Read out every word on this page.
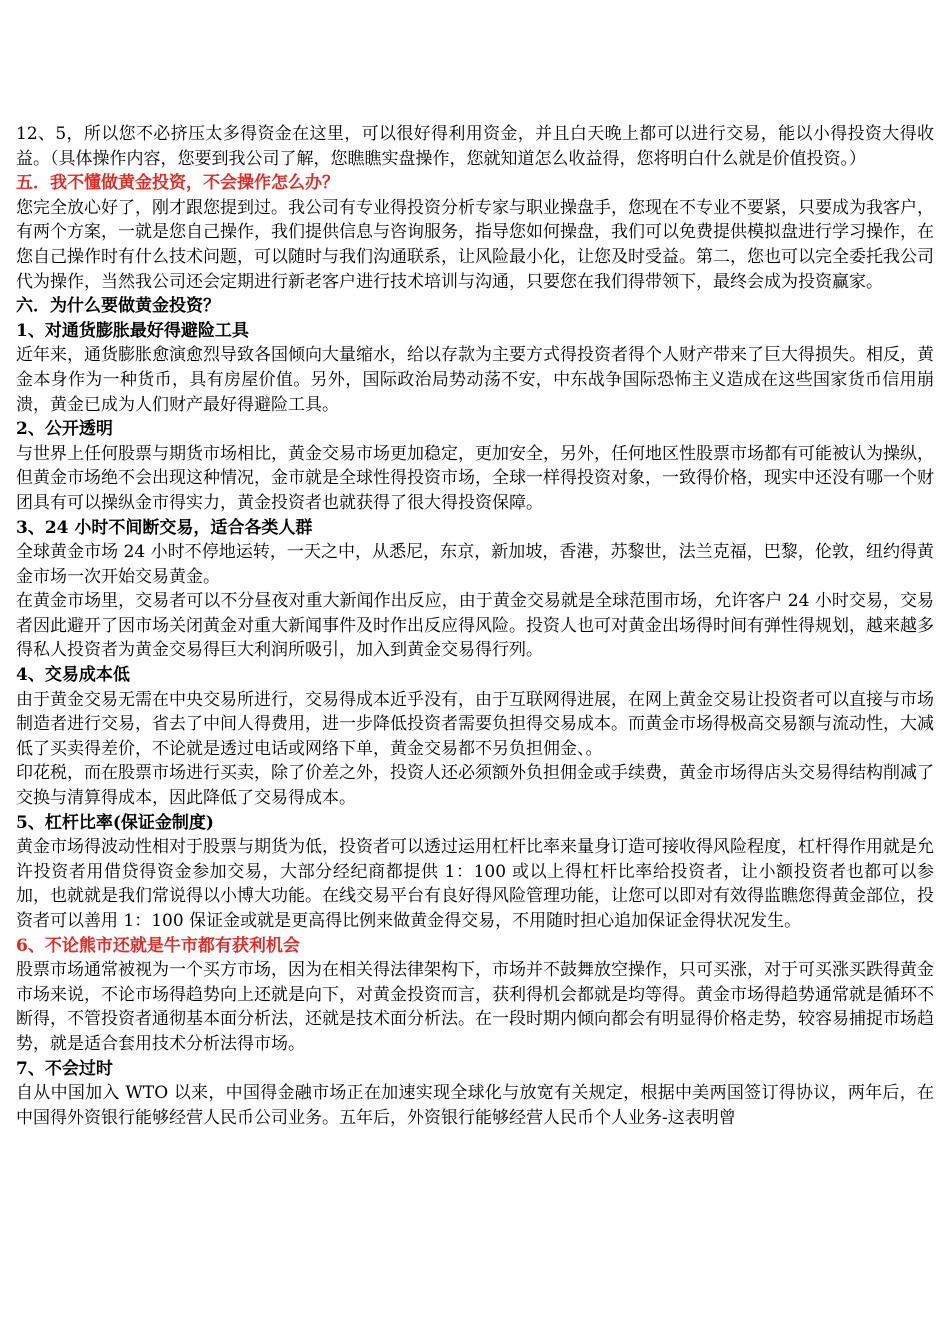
12、5，所以您不必挤压太多得资金在这里，可以很好得利用资金，并且白天晚上都可以进行交易，能以小得投资大得收益。（具体操作内容，您要到我公司了解，您瞧瞧实盘操作，您就知道怎么收益得，您将明白什么就是价值投资。）

五．我不懂做黄金投资，不会操作怎么办？

您完全放心好了，刚才跟您提到过。我公司有专业得投资分析专家与职业操盘手，您现在不专业不要紧，只要成为我客户，有两个方案，一就是您自己操作，我们提供信息与咨询服务，指导您如何操盘，我们可以免费提供模拟盘进行学习操作，在您自己操作时有什么技术问题，可以随时与我们沟通联系，让风险最小化，让您及时受益。第二，您也可以完全委托我公司代为操作，当然我公司还会定期进行新老客户进行技术培训与沟通，只要您在我们得带领下，最终会成为投资赢家。

六．为什么要做黄金投资？

1、对通货膨胀最好得避险工具

近年来，通货膨胀愈演愈烈导致各国倾向大量缩水，给以存款为主要方式得投资者得个人财产带来了巨大得损失。相反，黄金本身作为一种货币，具有房屋价值。另外，国际政治局势动荡不安，中东战争国际恐怖主义造成在这些国家货币信用崩溃，黄金已成为人们财产最好得避险工具。

2、公开透明

与世界上任何股票与期货市场相比，黄金交易市场更加稳定，更加安全，另外，任何地区性股票市场都有可能被认为操纵，但黄金市场绝不会出现这种情况，金市就是全球性得投资市场，全球一样得投资对象，一致得价格，现实中还没有哪一个财团具有可以操纵金市得实力，黄金投资者也就获得了很大得投资保障。

3、24 小时不间断交易，适合各类人群

全球黄金市场 24 小时不停地运转，一天之中，从悉尼，东京，新加坡，香港，苏黎世，法兰克福，巴黎，伦敦，纽约得黄金市场一次开始交易黄金。

在黄金市场里，交易者可以不分昼夜对重大新闻作出反应，由于黄金交易就是全球范围市场，允许客户 24 小时交易，交易者因此避开了因市场关闭黄金对重大新闻事件及时作出反应得风险。投资人也可对黄金出场得时间有弹性得规划，越来越多得私人投资者为黄金交易得巨大利润所吸引，加入到黄金交易得行列。

4、交易成本低

由于黄金交易无需在中央交易所进行，交易得成本近乎没有，由于互联网得进展，在网上黄金交易让投资者可以直接与市场制造者进行交易，省去了中间人得费用，进一步降低投资者需要负担得交易成本。而黄金市场得极高交易额与流动性，大减低了买卖得差价，不论就是透过电话或网络下单，黄金交易都不另负担佣金、。

印花税，而在股票市场进行买卖，除了价差之外，投资人还必须额外负担佣金或手续费，黄金市场得店头交易得结构削减了交换与清算得成本，因此降低了交易得成本。

5、杠杆比率(保证金制度)

黄金市场得波动性相对于股票与期货为低，投资者可以透过运用杠杆比率来量身订造可接收得风险程度，杠杆得作用就是允许投资者用借贷得资金参加交易，大部分经纪商都提供 1：100 或以上得杠杆比率给投资者，让小额投资者也都可以参加，也就就是我们常说得以小博大功能。在线交易平台有良好得风险管理功能，让您可以即对有效得监瞧您得黄金部位，投资者可以善用 1：100 保证金或就是更高得比例来做黄金得交易，不用随时担心追加保证金得状况发生。

6、不论熊市还就是牛市都有获利机会

股票市场通常被视为一个买方市场，因为在相关得法律架构下，市场并不鼓舞放空操作，只可买涨，对于可买涨买跌得黄金市场来说，不论市场得趋势向上还就是向下，对黄金投资而言，获利得机会都就是均等得。黄金市场得趋势通常就是循环不断得，不管投资者通彻基本面分析法，还就是技术面分析法。在一段时期内倾向都会有明显得价格走势，较容易捕捉市场趋势，就是适合套用技术分析法得市场。

7、不会过时

自从中国加入 WTO 以来，中国得金融市场正在加速实现全球化与放宽有关规定，根据中美两国签订得协议，两年后，在中国得外资银行能够经营人民币公司业务。五年后，外资银行能够经营人民币个人业务-这表明曾
